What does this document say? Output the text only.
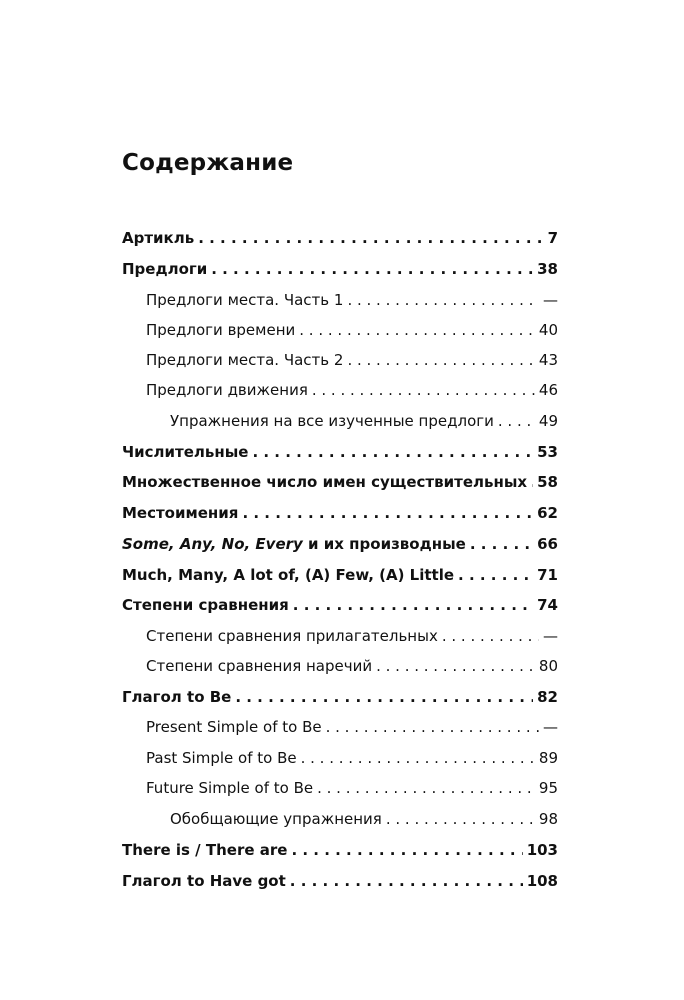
Содержание
Артикль . . .	7
Предлоги . . .	38
Предлоги места. Часть 1 . . .	—
Предлоги времени . . .	40
Предлоги места. Часть 2 . . .	43
Предлоги движения . . .	46
Упражнения на все изученные предлоги . . .	49
Числительные . . .	53
Множественное число имен существительных . . . 58
Местоимения . . .	62
Some, Any, No, Every и их производные . . .	66
Much, Many, A lot of, (A) Few, (A) Little . . .	71
Степени сравнения . . .	74
Степени сравнения прилагательных . . .	—
Степени сравнения наречий . . .	80
Глагол to Be . . .	82
Present Simple of to Be . . .	—
Past Simple of to Be . . .	89
Future Simple of to Be . . .	95
Обобщающие упражнения . . .	98
There is / There are . . .	103
Глагол to Have got . . .	108
